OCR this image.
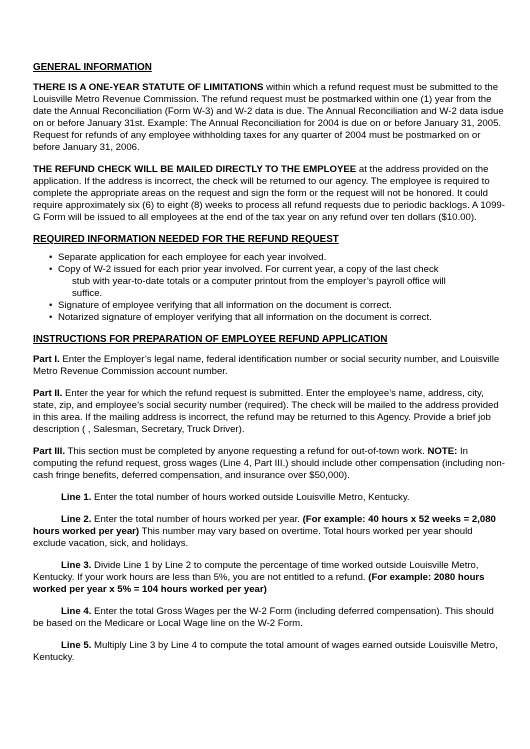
GENERAL INFORMATION

THERE IS A ONE-YEAR STATUTE OF LIMITATIONS within which a refund request must be submitted to the Louisville Metro Revenue Commission. The refund request must be postmarked within one (1) year from the date the Annual Reconciliation (Form W-3) and W-2 data is due. The Annual Reconciliation and W-2 data isdue on or before January 31st. Example: The Annual Reconciliation for 2004 is due on or before January 31, 2005. Request for refunds of any employee withholding taxes for any quarter of 2004 must be postmarked on or before January 31, 2006.

THE REFUND CHECK WILL BE MAILED DIRECTLY TO THE EMPLOYEE at the address provided on the application. If the address is incorrect, the check will be returned to our agency. The employee is required to complete the appropriate areas on the request and sign the form or the request will not be honored. It could require approximately six (6) to eight (8) weeks to process all refund requests due to periodic backlogs. A 1099-G Form will be issued to all employees at the end of the tax year on any refund over ten dollars ($10.00).

REQUIRED INFORMATION NEEDED FOR THE REFUND REQUEST
• Separate application for each employee for each year involved.
• Copy of W-2 issued for each prior year involved. For current year, a copy of the last check
stub with year-to-date totals or a computer printout from the employer’s payroll office will
suffice.
• Signature of employee verifying that all information on the document is correct.
• Notarized signature of employer verifying that all information on the document is correct.
INSTRUCTIONS FOR PREPARATION OF EMPLOYEE REFUND APPLICATION

Part I. Enter the Employer’s legal name, federal identification number or social security number, and Louisville Metro Revenue Commission account number.

Part II. Enter the year for which the refund request is submitted. Enter the employee’s name, address, city, state, zip, and employee’s social security number (required). The check will be mailed to the address provided in this area. If the mailing address is incorrect, the refund may be returned to this Agency. Provide a brief job description ( , Salesman, Secretary, Truck Driver).

Part III. This section must be completed by anyone requesting a refund for out-of-town work. NOTE: In computing the refund request, gross wages (Line 4, Part III.) should include other compensation (including non-cash fringe benefits, deferred compensation, and insurance over $50,000).

Line 1. Enter the total number of hours worked outside Louisville Metro, Kentucky.

Line 2. Enter the total number of hours worked per year. (For example: 40 hours x 52 weeks = 2,080 hours worked per year) This number may vary based on overtime. Total hours worked per year should exclude vacation, sick, and holidays.

Line 3. Divide Line 1 by Line 2 to compute the percentage of time worked outside Louisville Metro, Kentucky. If your work hours are less than 5%, you are not entitled to a refund. (For example: 2080 hours worked per year x 5% = 104 hours worked per year)

Line 4. Enter the total Gross Wages per the W-2 Form (including deferred compensation). This should be based on the Medicare or Local Wage line on the W-2 Form.

Line 5. Multiply Line 3 by Line 4 to compute the total amount of wages earned outside Louisville Metro, Kentucky.
